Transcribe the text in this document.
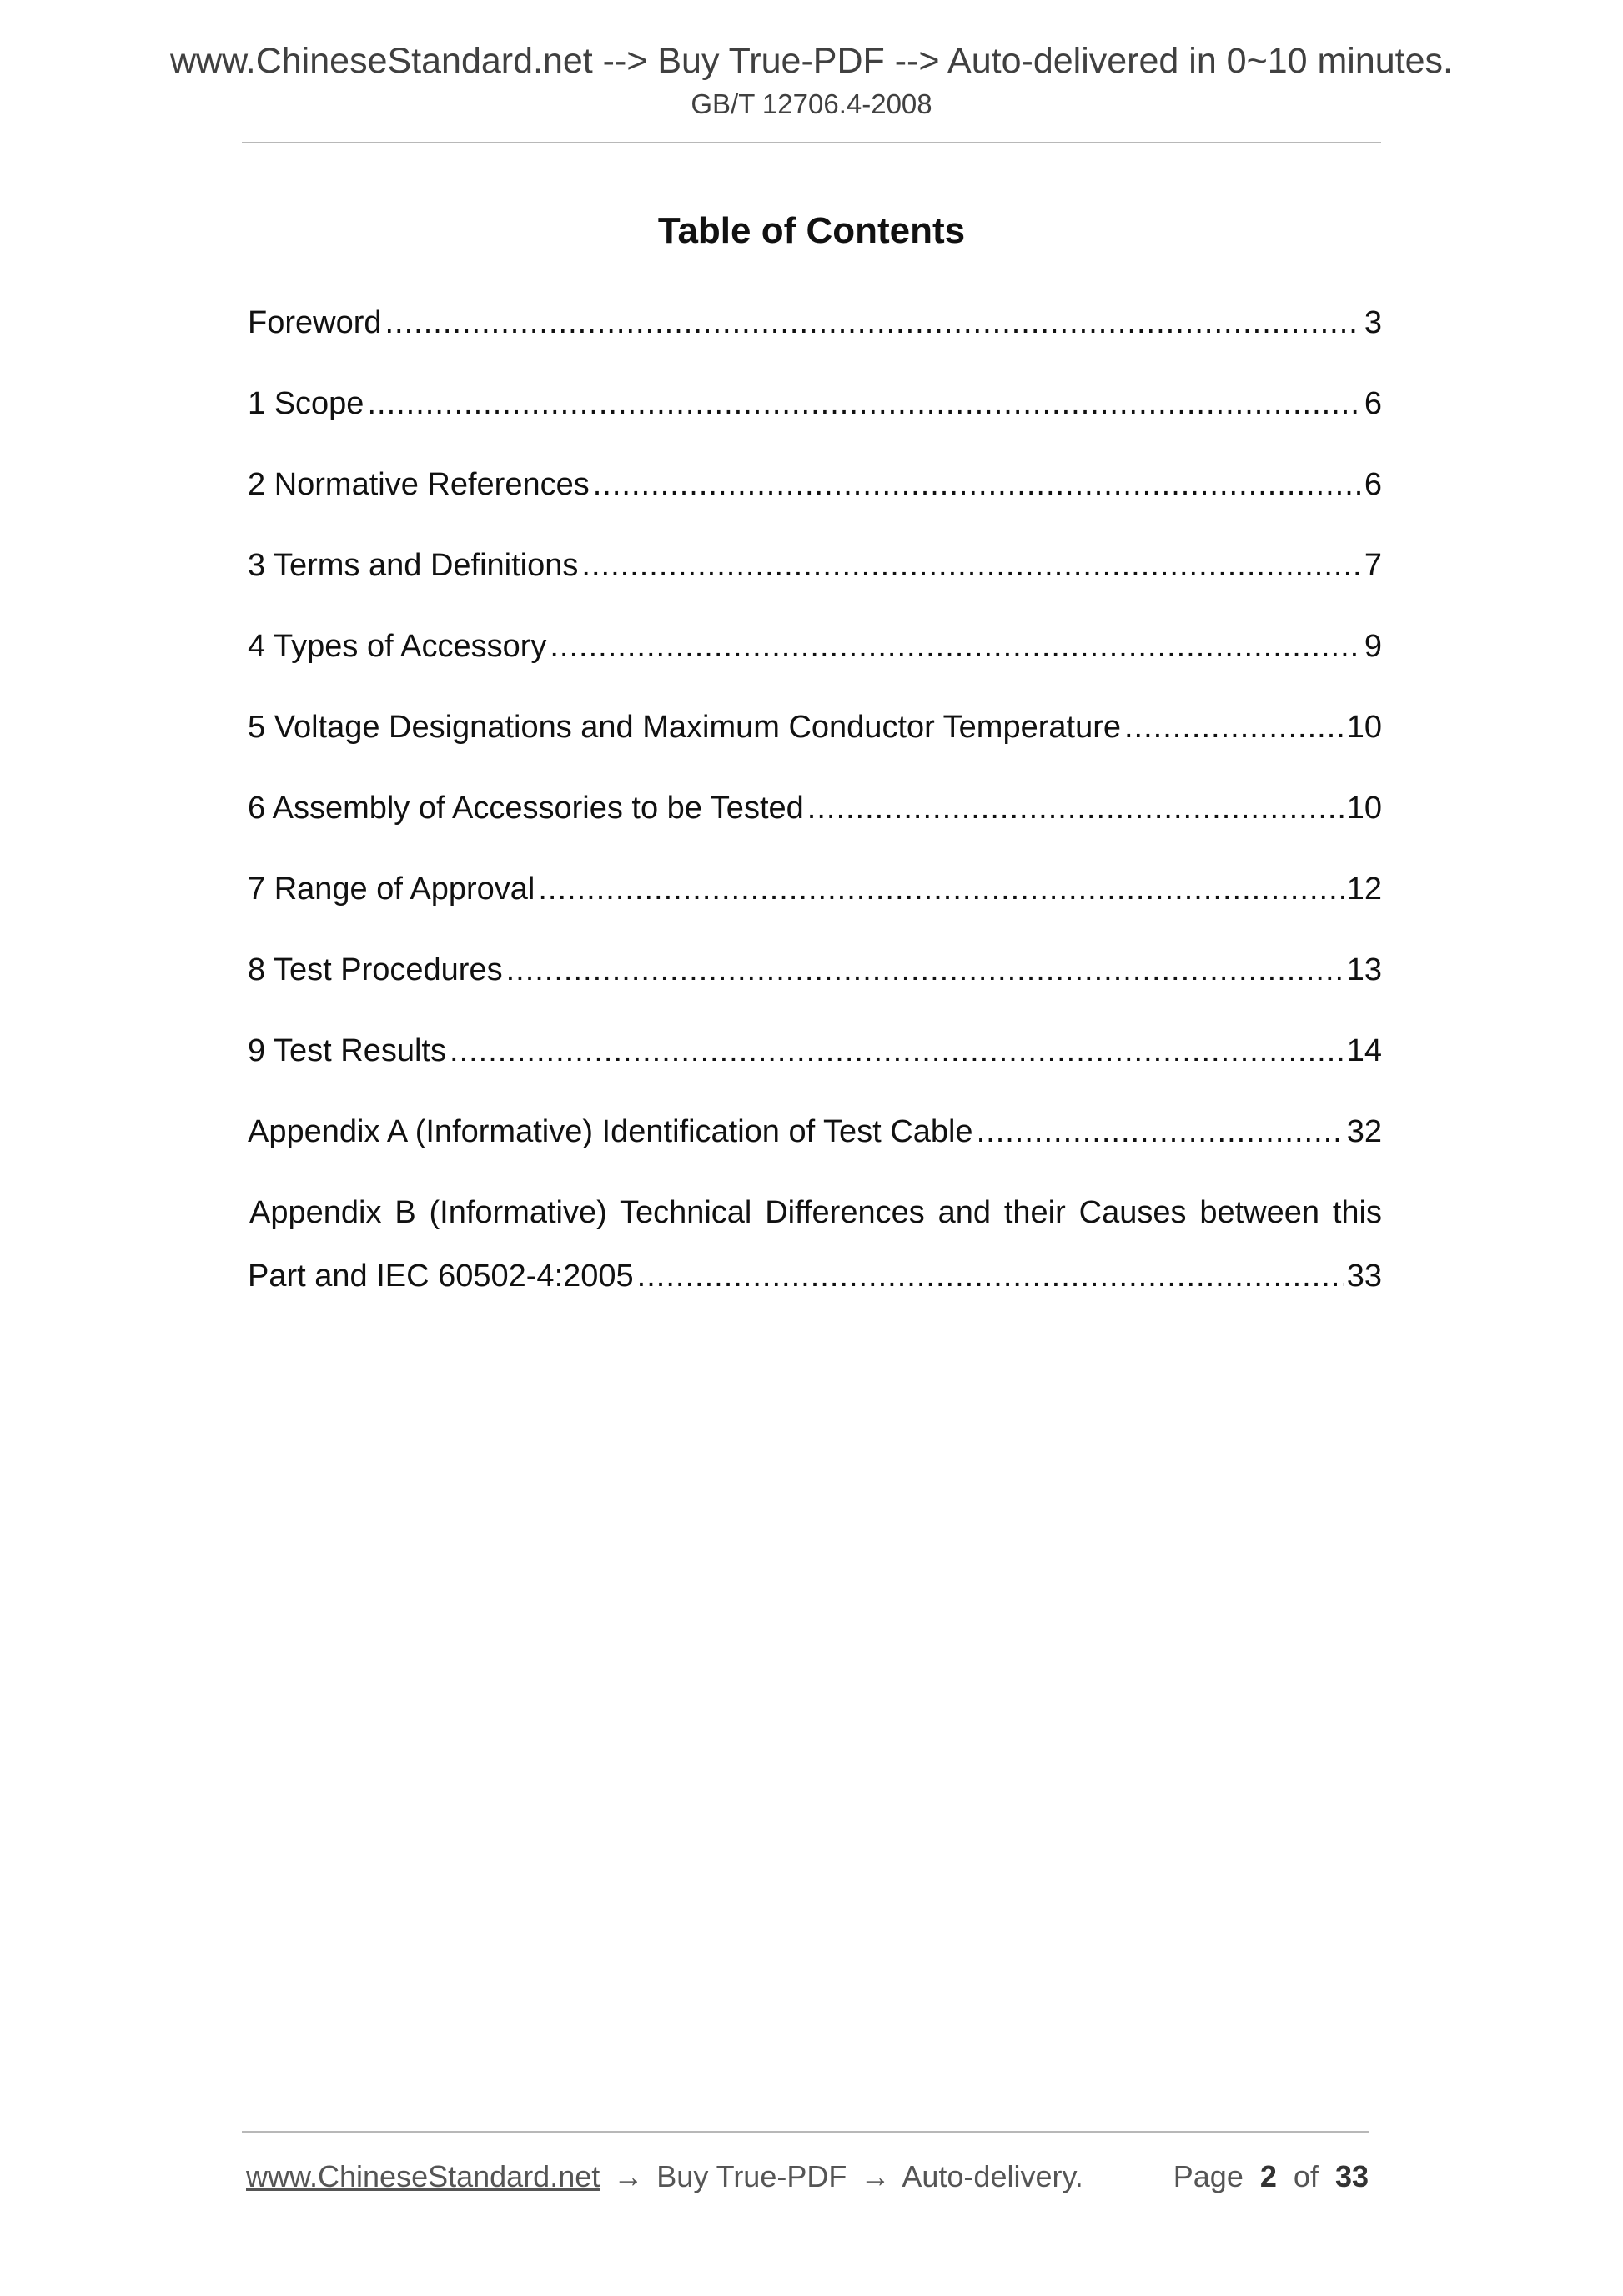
www.ChineseStandard.net --> Buy True-PDF --> Auto-delivered in 0~10 minutes.
GB/T 12706.4-2008
Table of Contents
Foreword .....	3
1 Scope .....	6
2 Normative References .....	6
3 Terms and Definitions .....	7
4 Types of Accessory .....	9
5 Voltage Designations and Maximum Conductor Temperature .....	10
6 Assembly of Accessories to be Tested .....	10
7 Range of Approval .....	12
8 Test Procedures .....	13
9 Test Results .....	14
Appendix A (Informative) Identification of Test Cable .....	32
Appendix B (Informative) Technical Differences and their Causes between this
Part and IEC 60502-4:2005 .....	33
www.ChineseStandard.net → Buy True-PDF → Auto-delivery.	Page 2 of 33
